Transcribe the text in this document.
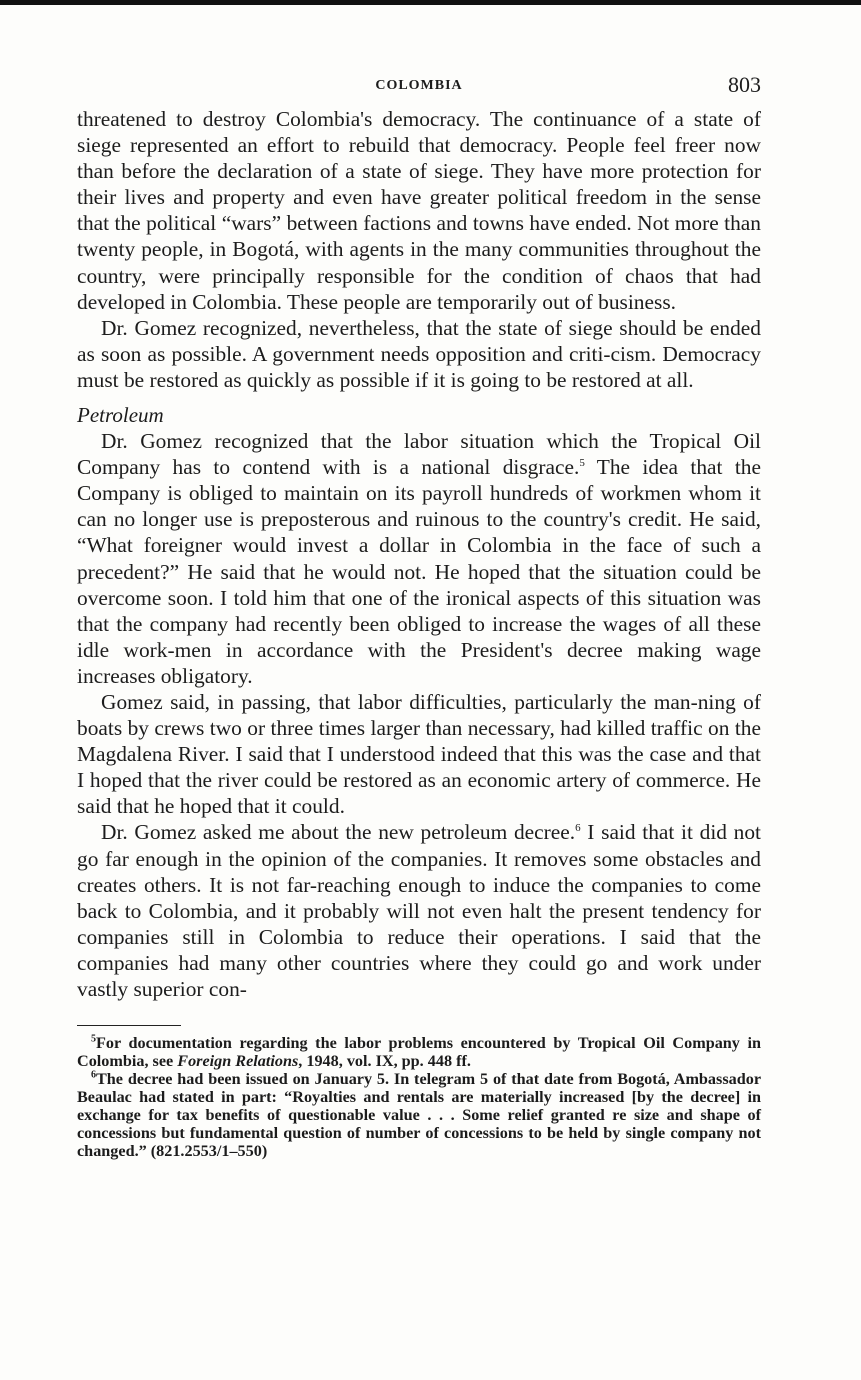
COLOMBIA	803

threatened to destroy Colombia's democracy. The continuance of a state of siege represented an effort to rebuild that democracy. People feel freer now than before the declaration of a state of siege. They have more protection for their lives and property and even have greater political freedom in the sense that the political “wars” between factions and towns have ended. Not more than twenty people, in Bogotá, with agents in the many communities throughout the country, were principally responsible for the condition of chaos that had developed in Colombia. These people are temporarily out of business.

Dr. Gomez recognized, nevertheless, that the state of siege should be ended as soon as possible. A government needs opposition and criti-cism. Democracy must be restored as quickly as possible if it is going to be restored at all.

Petroleum

Dr. Gomez recognized that the labor situation which the Tropical Oil Company has to contend with is a national disgrace.$^5$ The idea that the Company is obliged to maintain on its payroll hundreds of workmen whom it can no longer use is preposterous and ruinous to the country's credit. He said, “What foreigner would invest a dollar in Colombia in the face of such a precedent?” He said that he would not. He hoped that the situation could be overcome soon. I told him that one of the ironical aspects of this situation was that the company had recently been obliged to increase the wages of all these idle work-men in accordance with the President's decree making wage increases obligatory.

Gomez said, in passing, that labor difficulties, particularly the man-ning of boats by crews two or three times larger than necessary, had killed traffic on the Magdalena River. I said that I understood indeed that this was the case and that I hoped that the river could be restored as an economic artery of commerce. He said that he hoped that it could.

Dr. Gomez asked me about the new petroleum decree.$^6$ I said that it did not go far enough in the opinion of the companies. It removes some obstacles and creates others. It is not far-reaching enough to induce the companies to come back to Colombia, and it probably will not even halt the present tendency for companies still in Colombia to reduce their operations. I said that the companies had many other countries where they could go and work under vastly superior con-

$^5$For documentation regarding the labor problems encountered by Tropical Oil Company in Colombia, see Foreign Relations, 1948, vol. IX, pp. 448 ff.

$^6$The decree had been issued on January 5. In telegram 5 of that date from Bogotá, Ambassador Beaulac had stated in part: “Royalties and rentals are materially increased [by the decree] in exchange for tax benefits of questionable value . . . Some relief granted re size and shape of concessions but fundamental question of number of concessions to be held by single company not changed.” (821.2553/1–550)
